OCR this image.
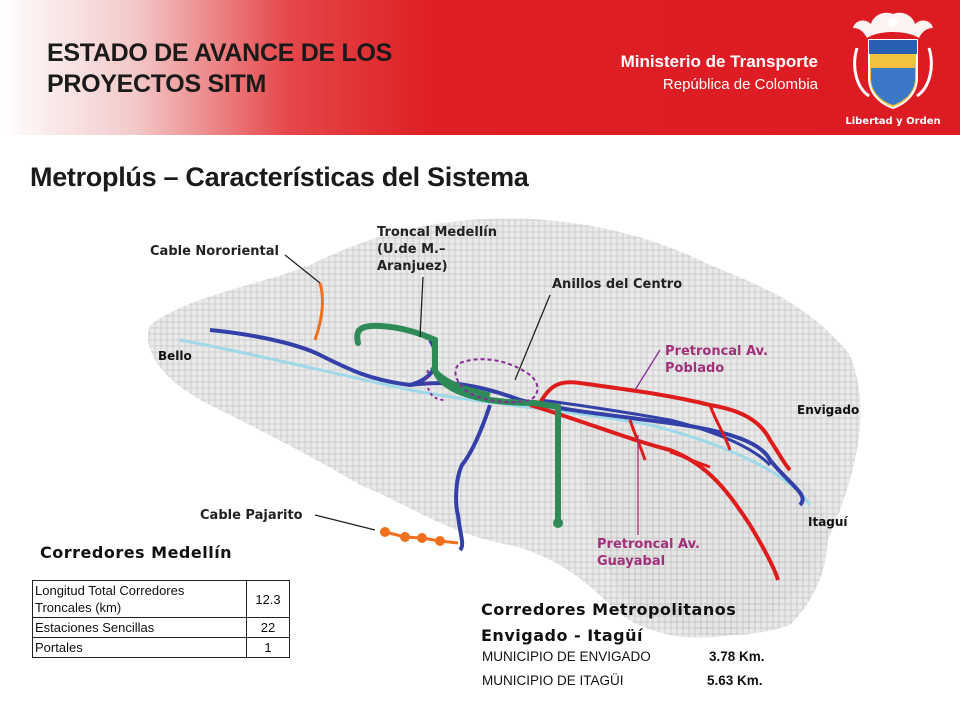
ESTADO DE AVANCE DE LOS
PROYECTOS SITM
Ministerio de Transporte
República de Colombia
Libertad y Orden
Metroplús – Características del Sistema
Cable Nororiental
Troncal Medellín
(U.de M.–
Aranjuez)
Anillos del Centro
Pretroncal Av.
Poblado
Bello
Envigado
Itaguí
Cable Pajarito
Pretroncal Av.
Guayabal
Corredores Medellín
Longitud Total Corredores Troncales (km)	12.3
Estaciones Sencillas	22
Portales	1
Corredores Metropolitanos
Envigado - Itagüí
MUNICIPIO DE ENVIGADO	3.78 Km.
MUNICIPIO DE ITAGÜI	5.63 Km.
